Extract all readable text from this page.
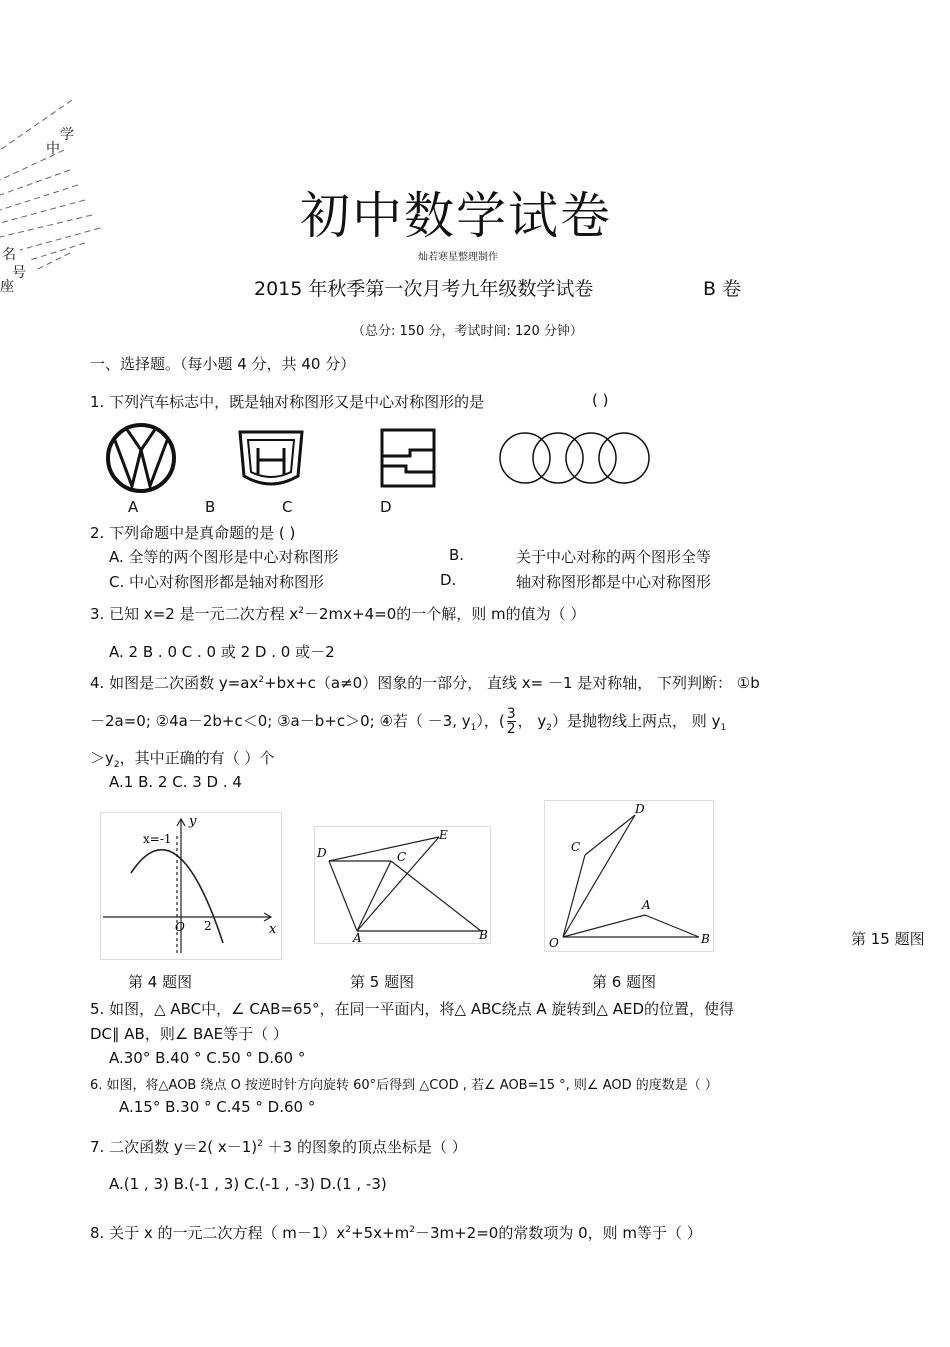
学
中
名
号
座
初中数学试卷
灿若寒星整理制作
2015 年秋季第一次月考九年级数学试卷	B 卷
（总分: 150 分，考试时间: 120 分钟）
一、选择题。（每小题 4 分，共 40 分）
1. 下列汽车标志中，既是轴对称图形又是中心对称图形的是	( )
A	B	C	D
2. 下列命题中是真命题的是 ( )
A. 全等的两个图形是中心对称图形	B.	关于中心对称的两个图形全等
C. 中心对称图形都是轴对称图形	D.	轴对称图形都是中心对称图形
3. 已知 x=2 是一元二次方程 $x^2-2mx+4=0$的一个解，则 m的值为（ ）
A. 2 B . 0 C . 0 或 2 D . 0 或－2
4. 如图是二次函数 $y=ax^2+bx+c(a\ne 0)$图象的一部分， 直线 x= －1 是对称轴， 下列判断： ①b
－2a=0; ②4a－2b+c＜0; ③a－b+c＞0; ④若（ －3, $y_1$），( $\frac{3}{2}$ ， $y_2$）是抛物线上两点， 则 $y_1$
$>y_2$，其中正确的有（ ）个
A.1 B. 2 C. 3 D . 4
y
x
x=-1
O 2
D	C
E
A	B
D
C
A
O	B	第 15 题图
第 4 题图	第 5 题图	第 6 题图
5. 如图，△ ABC中，∠ CAB=65°，在同一平面内，将△ ABC绕点 A 旋转到△ AED的位置，使得
DC∥ AB，则∠ BAE等于（ ）
A.30° B.40 ° C.50 ° D.60 °
6. 如图，将△AOB 绕点 O 按逆时针方向旋转 60°后得到 △COD , 若∠ AOB=15 °, 则∠ AOD 的度数是（ ）
A.15° B.30 ° C.45 ° D.60 °
7. 二次函数 y＝2( x－1)$^2$ ＋3 的图象的顶点坐标是（ ）
A.(1 , 3) B.(-1 , 3) C.(-1 , -3) D.(1 , -3)
8. 关于 x 的一元二次方程（ $m-1)x^2+5x+m^2-3m+2=0$的常数项为 0，则 m等于（ ）
